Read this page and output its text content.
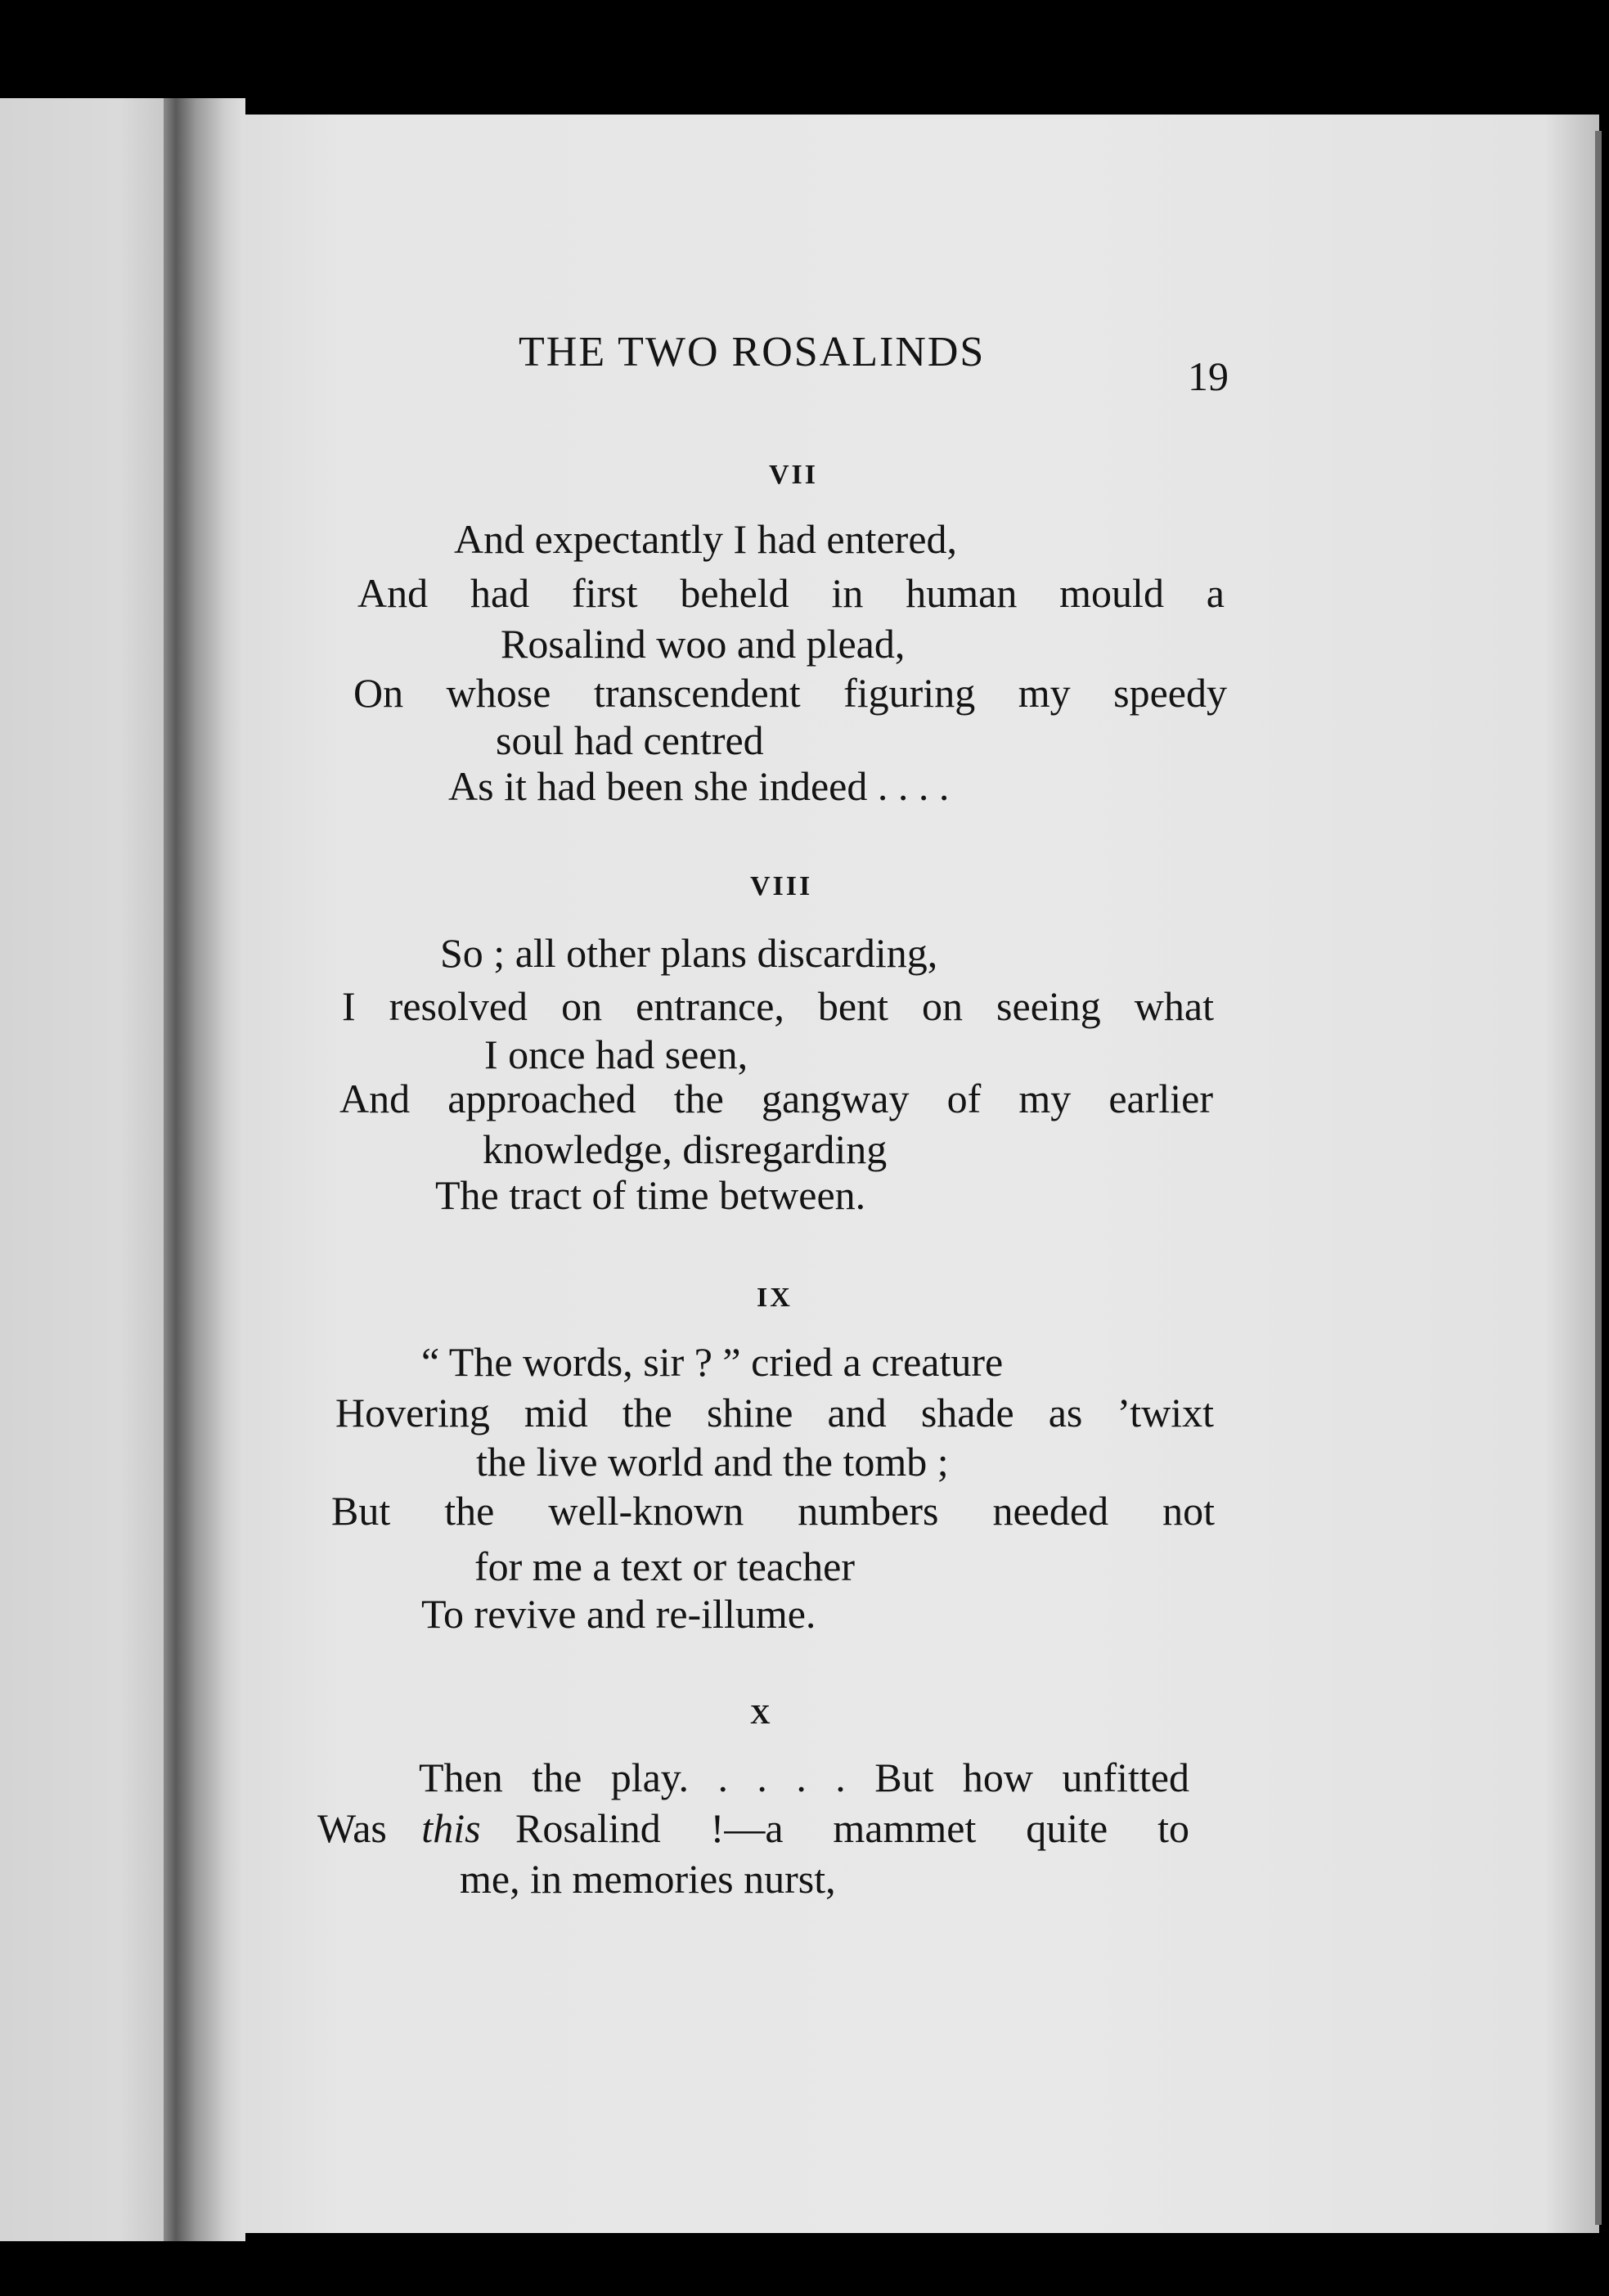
THE TWO ROSALINDS
19
VII
And expectantly I had entered,
And had first beheld in human mould a
Rosalind woo and plead,
On whose transcendent figuring my speedy
soul had centred
As it had been she indeed . . . .
VIII
So ; all other plans discarding,
I resolved on entrance, bent on seeing what
I once had seen,
And approached the gangway of my earlier
knowledge, disregarding
The tract of time between.
IX
“ The words, sir ? ” cried a creature
Hovering mid the shine and shade as ’twixt
the live world and the tomb ;
But the well-known numbers needed not
for me a text or teacher
To revive and re-illume.
X
Then the play. . . . . But how unfitted
Was this Rosalind !—a mammet quite to
me, in memories nurst,
